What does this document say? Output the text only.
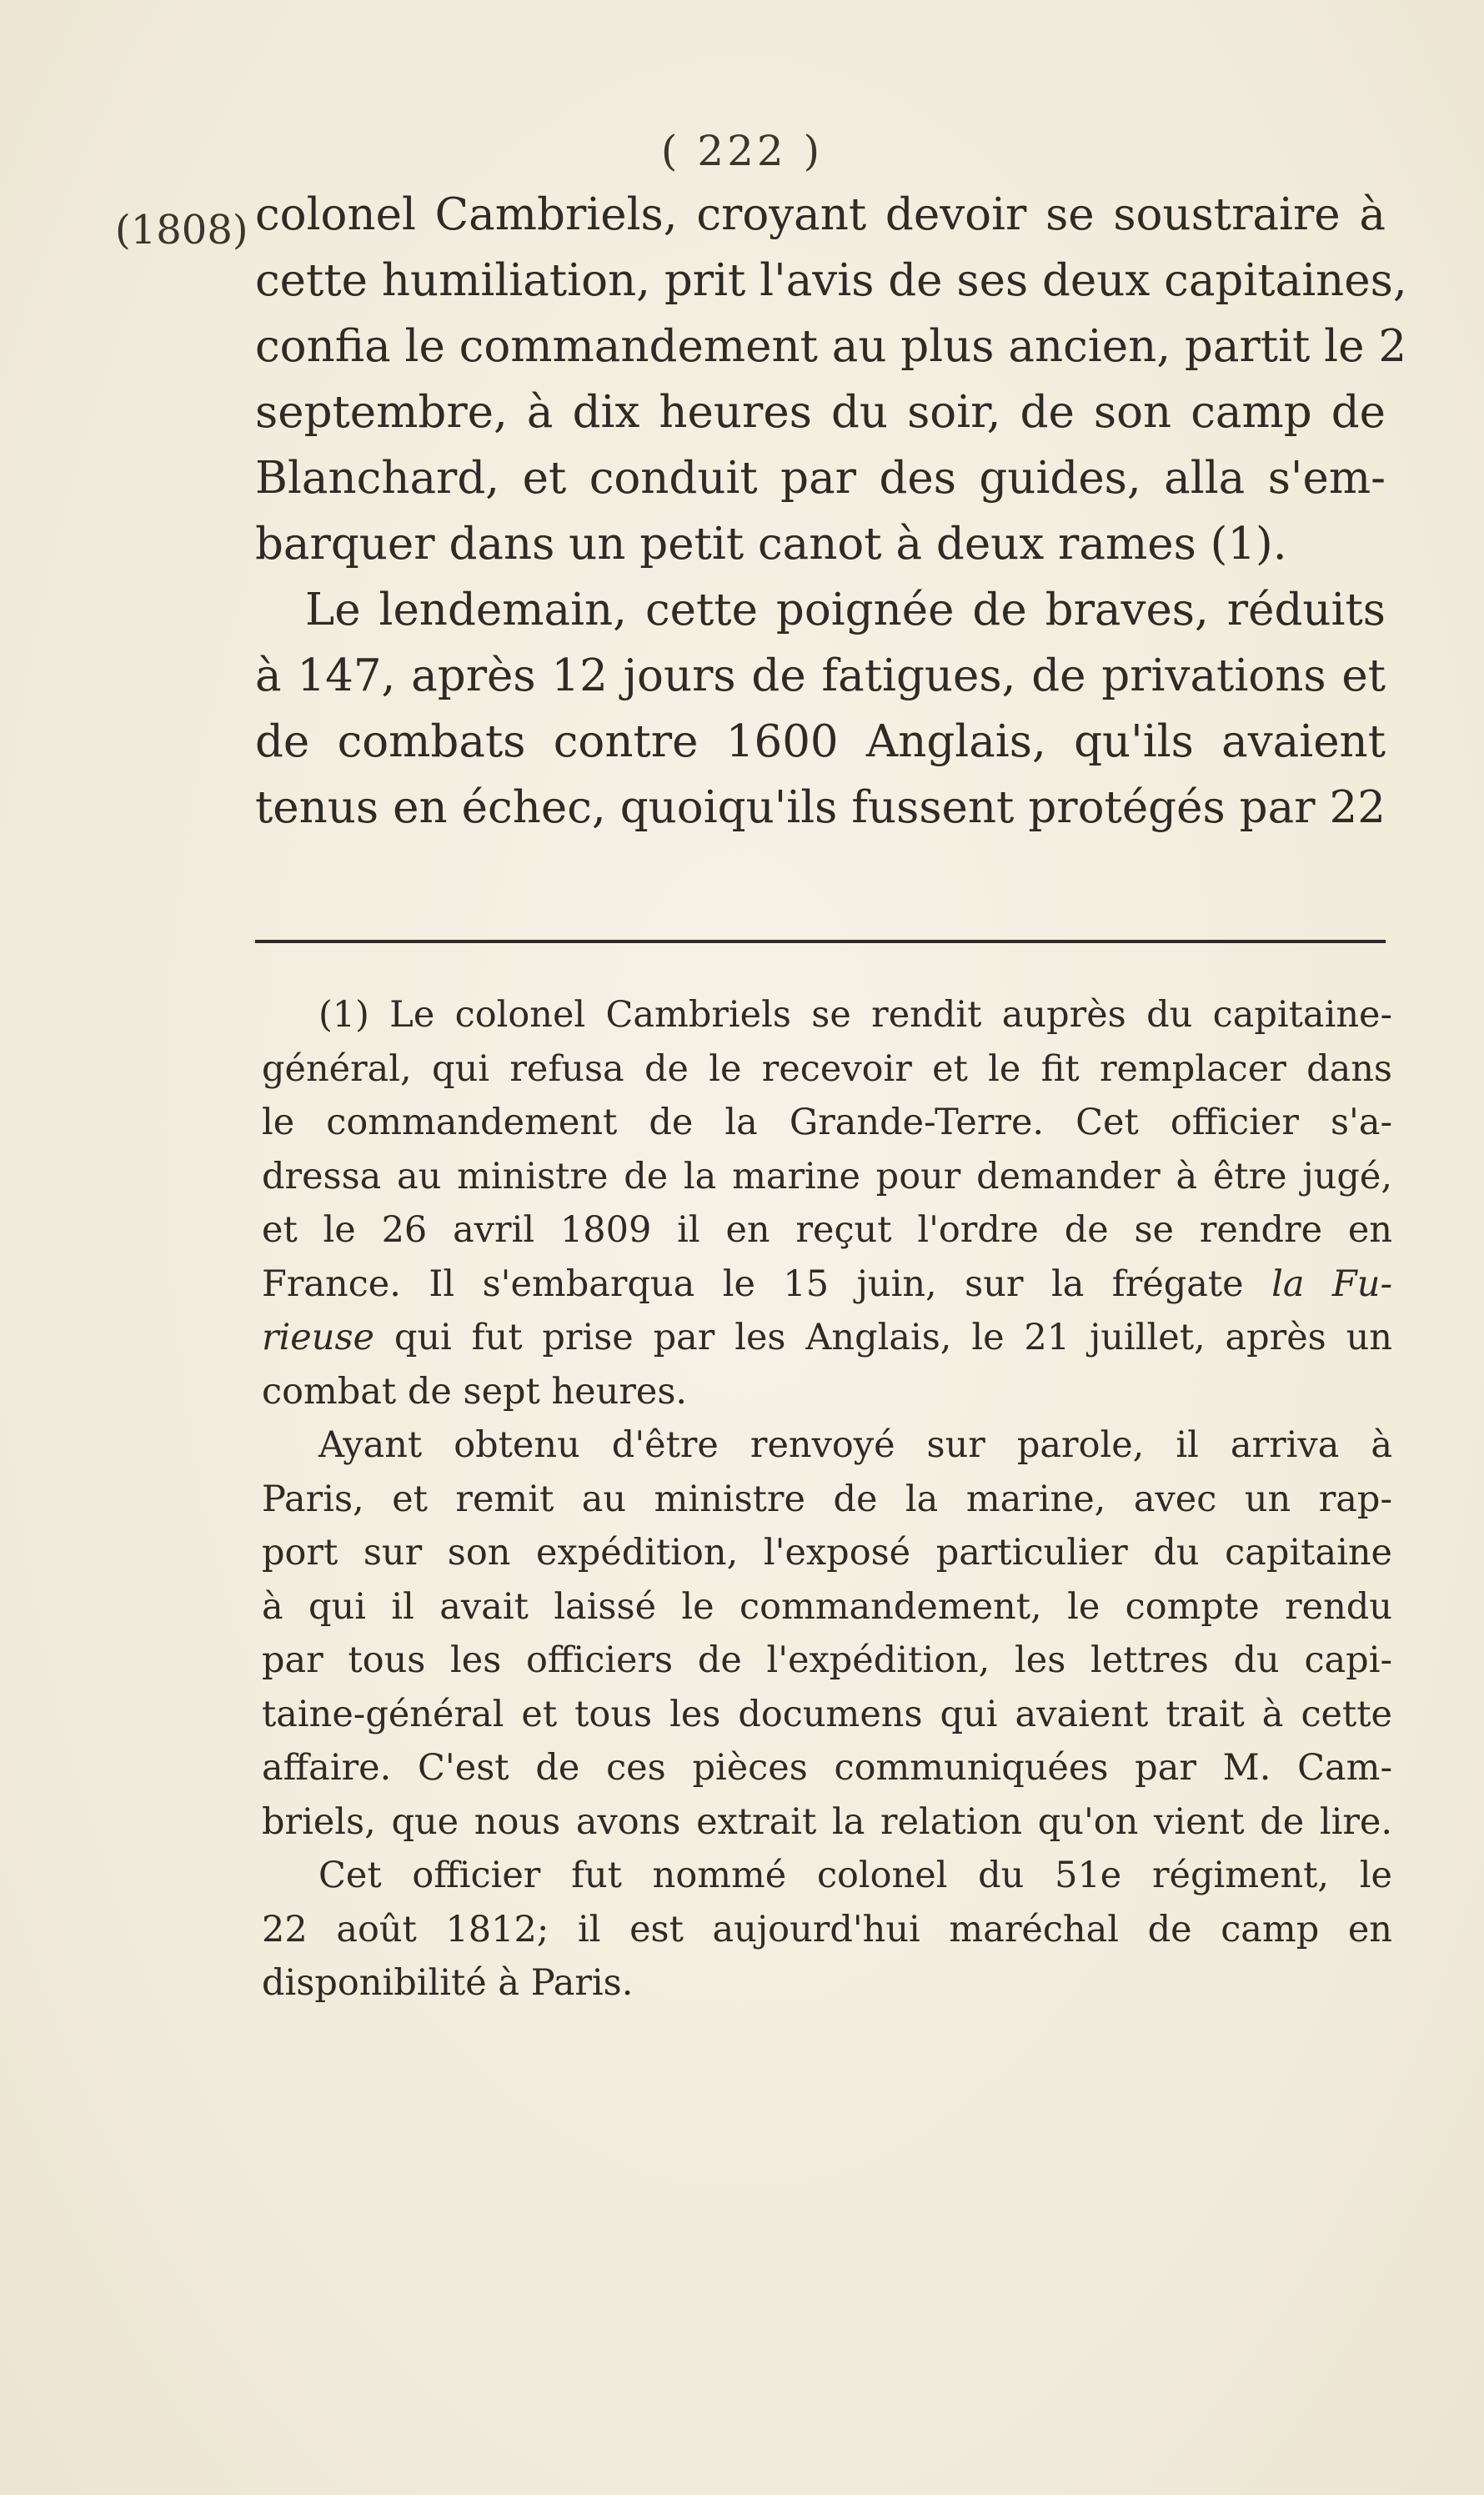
( 222 )
(1808) colonel Cambriels, croyant devoir se soustraire à
cette humiliation, prit l'avis de ses deux capitaines,
confia le commandement au plus ancien, partit le 2
septembre, à dix heures du soir, de son camp de
Blanchard, et conduit par des guides, alla s'em-
barquer dans un petit canot à deux rames (1).
Le lendemain, cette poignée de braves, réduits
à 147, après 12 jours de fatigues, de privations et
de combats contre 1600 Anglais, qu'ils avaient
tenus en échec, quoiqu'ils fussent protégés par 22
(1) Le colonel Cambriels se rendit auprès du capitaine-
général, qui refusa de le recevoir et le fit remplacer dans
le commandement de la Grande-Terre. Cet officier s'a-
dressa au ministre de la marine pour demander à être jugé,
et le 26 avril 1809 il en reçut l'ordre de se rendre en
France. Il s'embarqua le 15 juin, sur la frégate la Fu-
rieuse qui fut prise par les Anglais, le 21 juillet, après un
combat de sept heures.
Ayant obtenu d'être renvoyé sur parole, il arriva à
Paris, et remit au ministre de la marine, avec un rap-
port sur son expédition, l'exposé particulier du capitaine
à qui il avait laissé le commandement, le compte rendu
par tous les officiers de l'expédition, les lettres du capi-
taine-général et tous les documens qui avaient trait à cette
affaire. C'est de ces pièces communiquées par M. Cam-
briels, que nous avons extrait la relation qu'on vient de lire.
Cet officier fut nommé colonel du 51e régiment, le
22 août 1812; il est aujourd'hui maréchal de camp en
disponibilité à Paris.
